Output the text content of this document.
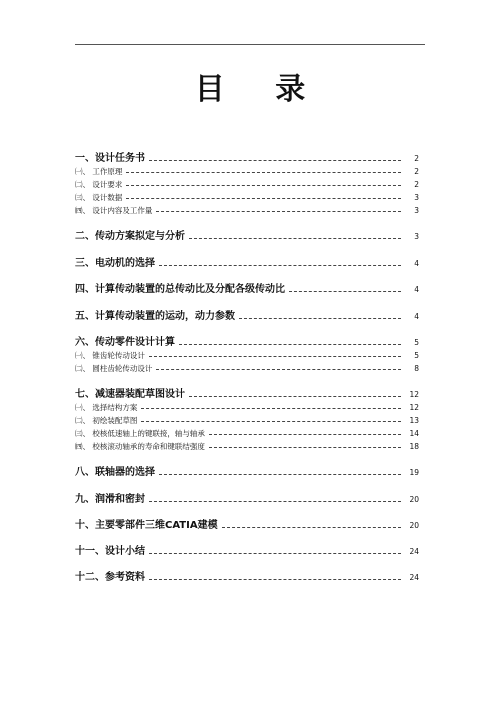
目 录
一、设计任务书	2
㈠、 工作原理	2
㈡、 设计要求	2
㈢、 设计数据	3
㈣、 设计内容及工作量	3
二、传动方案拟定与分析	3
三、电动机的选择	4
四、计算传动装置的总传动比及分配各级传动比	4
五、计算传动装置的运动，动力参数	4
六、传动零件设计计算	5
㈠、 锥齿轮传动设计	5
㈡、 圆柱齿轮传动设计	8
七、减速器装配草图设计	12
㈠、 选择结构方案	12
㈡、 初绘装配草图	13
㈢、 校核低速轴上的键联接，轴与轴承	14
㈣、 校核滚动轴承的寿命和键联结强度	18
八、联轴器的选择	19
九、润滑和密封	20
十、主要零部件三维CATIA建模	20
十一、设计小结	24
十二、参考资料	24
